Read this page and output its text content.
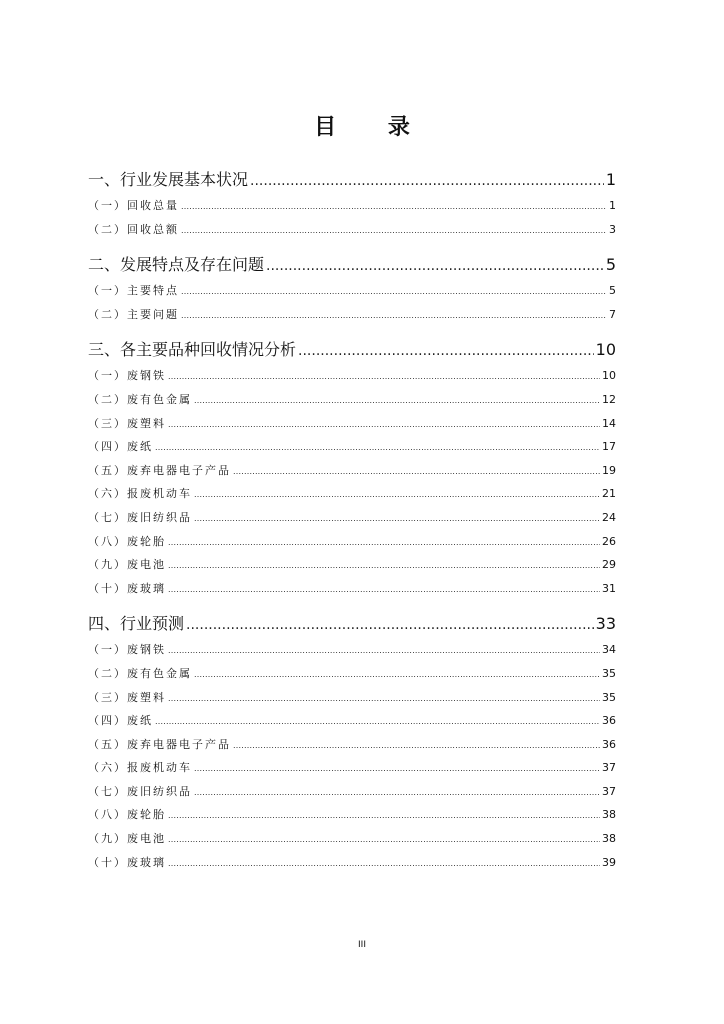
目 录
一、行业发展基本状况 .....	1
（一）回收总量 .....	1
（二）回收总额 .....	3
二、发展特点及存在问题 .....	5
（一）主要特点 .....	5
（二）主要问题 .....	7
三、各主要品种回收情况分析 .....	10
（一）废钢铁 .....	10
（二）废有色金属 .....	12
（三）废塑料 .....	14
（四）废纸 .....	17
（五）废弃电器电子产品 .....	19
（六）报废机动车 .....	21
（七）废旧纺织品 .....	24
（八）废轮胎 .....	26
（九）废电池 .....	29
（十）废玻璃 .....	31
四、行业预测 .....	33
（一）废钢铁 .....	34
（二）废有色金属 .....	35
（三）废塑料 .....	35
（四）废纸 .....	36
（五）废弃电器电子产品 .....	36
（六）报废机动车 .....	37
（七）废旧纺织品 .....	37
（八）废轮胎 .....	38
（九）废电池 .....	38
（十）废玻璃 .....	39
III
